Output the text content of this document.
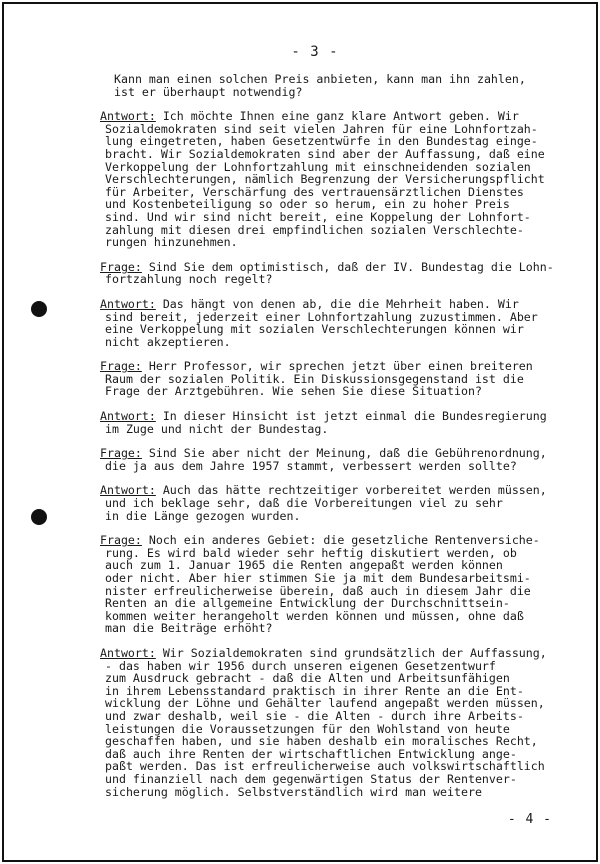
- 3 -
Kann man einen solchen Preis anbieten, kann man ihn zahlen,
ist er überhaupt notwendig?
Antwort: Ich möchte Ihnen eine ganz klare Antwort geben. Wir
Sozialdemokraten sind seit vielen Jahren für eine Lohnfortzah-
lung eingetreten, haben Gesetzentwürfe in den Bundestag einge-
bracht. Wir Sozialdemokraten sind aber der Auffassung, daß eine
Verkoppelung der Lohnfortzahlung mit einschneidenden sozialen
Verschlechterungen, nämlich Begrenzung der Versicherungspflicht
für Arbeiter, Verschärfung des vertrauensärztlichen Dienstes
und Kostenbeteiligung so oder so herum, ein zu hoher Preis
sind. Und wir sind nicht bereit, eine Koppelung der Lohnfort-
zahlung mit diesen drei empfindlichen sozialen Verschlechte-
rungen hinzunehmen.
Frage: Sind Sie dem optimistisch, daß der IV. Bundestag die Lohn-
fortzahlung noch regelt?
Antwort: Das hängt von denen ab, die die Mehrheit haben. Wir
sind bereit, jederzeit einer Lohnfortzahlung zuzustimmen. Aber
eine Verkoppelung mit sozialen Verschlechterungen können wir
nicht akzeptieren.
Frage: Herr Professor, wir sprechen jetzt über einen breiteren
Raum der sozialen Politik. Ein Diskussionsgegenstand ist die
Frage der Arztgebühren. Wie sehen Sie diese Situation?
Antwort: In dieser Hinsicht ist jetzt einmal die Bundesregierung
im Zuge und nicht der Bundestag.
Frage: Sind Sie aber nicht der Meinung, daß die Gebührenordnung,
die ja aus dem Jahre 1957 stammt, verbessert werden sollte?
Antwort: Auch das hätte rechtzeitiger vorbereitet werden müssen,
und ich beklage sehr, daß die Vorbereitungen viel zu sehr
in die Länge gezogen wurden.
Frage: Noch ein anderes Gebiet: die gesetzliche Rentenversiche-
rung. Es wird bald wieder sehr heftig diskutiert werden, ob
auch zum 1. Januar 1965 die Renten angepaßt werden können
oder nicht. Aber hier stimmen Sie ja mit dem Bundesarbeitsmi-
nister erfreulicherweise überein, daß auch in diesem Jahr die
Renten an die allgemeine Entwicklung der Durchschnittsein-
kommen weiter herangeholt werden können und müssen, ohne daß
man die Beiträge erhöht?
Antwort: Wir Sozialdemokraten sind grundsätzlich der Auffassung,
- das haben wir 1956 durch unseren eigenen Gesetzentwurf
zum Ausdruck gebracht - daß die Alten und Arbeitsunfähigen
in ihrem Lebensstandard praktisch in ihrer Rente an die Ent-
wicklung der Löhne und Gehälter laufend angepaßt werden müssen,
und zwar deshalb, weil sie - die Alten - durch ihre Arbeits-
leistungen die Voraussetzungen für den Wohlstand von heute
geschaffen haben, und sie haben deshalb ein moralisches Recht,
daß auch ihre Renten der wirtschaftlichen Entwicklung ange-
paßt werden. Das ist erfreulicherweise auch volkswirtschaftlich
und finanziell nach dem gegenwärtigen Status der Rentenver-
sicherung möglich. Selbstverständlich wird man weitere
- 4 -
